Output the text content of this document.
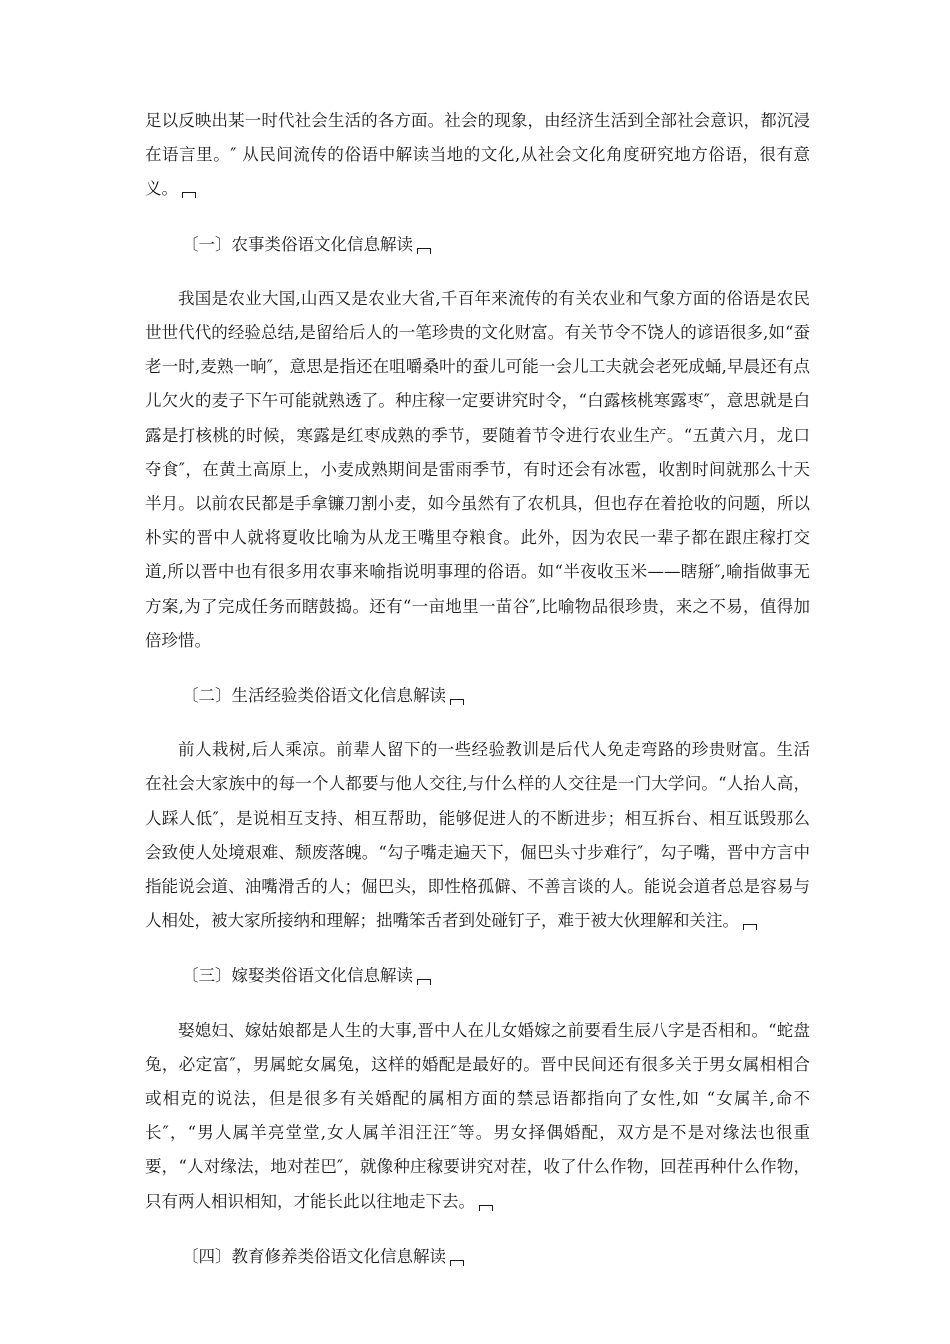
足以反映出某一时代社会生活的各方面。社会的现象，由经济生活到全部社会意识，都沉浸在语言里。″ 从民间流传的俗语中解读当地的文化,从社会文化角度研究地方俗语，很有意义。

〔一〕农事类俗语文化信息解读

我国是农业大国,山西又是农业大省,千百年来流传的有关农业和气象方面的俗语是农民世世代代的经验总结,是留给后人的一笔珍贵的文化财富。有关节令不饶人的谚语很多,如“蚕老一时,麦熟一晌″，意思是指还在咀嚼桑叶的蚕儿可能一会儿工夫就会老死成蛹,早晨还有点儿欠火的麦子下午可能就熟透了。种庄稼一定要讲究时令，“白露核桃寒露枣″，意思就是白露是打核桃的时候，寒露是红枣成熟的季节，要随着节令进行农业生产。“五黄六月，龙口夺食″，在黄土高原上，小麦成熟期间是雷雨季节，有时还会有冰雹，收割时间就那么十天半月。以前农民都是手拿镰刀割小麦，如今虽然有了农机具，但也存在着抢收的问题，所以朴实的晋中人就将夏收比喻为从龙王嘴里夺粮食。此外，因为农民一辈子都在跟庄稼打交道,所以晋中也有很多用农事来喻指说明事理的俗语。如“半夜收玉米——瞎掰″,喻指做事无方案,为了完成任务而瞎鼓捣。还有“一亩地里一苗谷″,比喻物品很珍贵，来之不易，值得加倍珍惜。

〔二〕生活经验类俗语文化信息解读

前人栽树,后人乘凉。前辈人留下的一些经验教训是后代人免走弯路的珍贵财富。生活在社会大家族中的每一个人都要与他人交往,与什么样的人交往是一门大学问。“人抬人高，人踩人低″，是说相互支持、相互帮助，能够促进人的不断进步；相互拆台、相互诋毁那么会致使人处境艰难、颓废落魄。“勾子嘴走遍天下，倔巴头寸步难行″，勾子嘴，晋中方言中指能说会道、油嘴滑舌的人；倔巴头，即性格孤僻、不善言谈的人。能说会道者总是容易与人相处，被大家所接纳和理解；拙嘴笨舌者到处碰钉子，难于被大伙理解和关注。

〔三〕嫁娶类俗语文化信息解读

娶媳妇、嫁姑娘都是人生的大事,晋中人在儿女婚嫁之前要看生辰八字是否相和。“蛇盘兔，必定富″，男属蛇女属兔，这样的婚配是最好的。晋中民间还有很多关于男女属相相合或相克的说法，但是很多有关婚配的属相方面的禁忌语都指向了女性,如 “女属羊,命不长″，“男人属羊亮堂堂,女人属羊泪汪汪″等。男女择偶婚配，双方是不是对缘法也很重要，“人对缘法，地对茬巴″，就像种庄稼要讲究对茬，收了什么作物，回茬再种什么作物，只有两人相识相知，才能长此以往地走下去。

〔四〕教育修养类俗语文化信息解读
